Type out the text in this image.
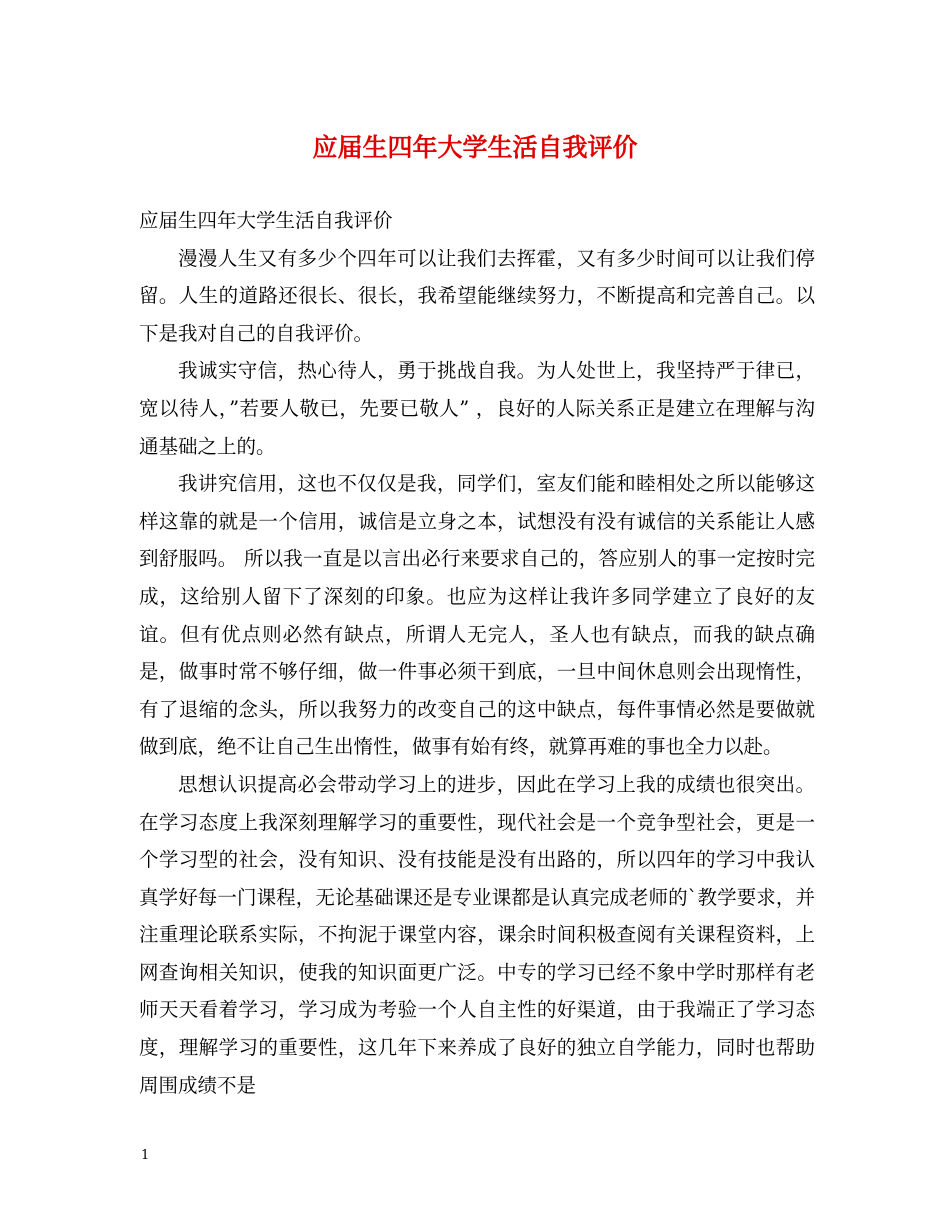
应届生四年大学生活自我评价

应届生四年大学生活自我评价

漫漫人生又有多少个四年可以让我们去挥霍，又有多少时间可以让我们停留。人生的道路还很长、很长，我希望能继续努力，不断提高和完善自己。以下是我对自己的自我评价。

我诚实守信，热心待人，勇于挑战自我。为人处世上，我坚持严于律已，宽以待人，”若要人敬已，先要已敬人” ，良好的人际关系正是建立在理解与沟通基础之上的。

我讲究信用，这也不仅仅是我，同学们，室友们能和睦相处之所以能够这样这靠的就是一个信用，诚信是立身之本，试想没有没有诚信的关系能让人感到舒服吗。 所以我一直是以言出必行来要求自己的，答应别人的事一定按时完成，这给别人留下了深刻的印象。也应为这样让我许多同学建立了良好的友谊。但有优点则必然有缺点，所谓人无完人，圣人也有缺点，而我的缺点确是，做事时常不够仔细，做一件事必须干到底，一旦中间休息则会出现惰性，有了退缩的念头，所以我努力的改变自己的这中缺点，每件事情必然是要做就做到底，绝不让自己生出惰性，做事有始有终，就算再难的事也全力以赴。

思想认识提高必会带动学习上的进步，因此在学习上我的成绩也很突出。在学习态度上我深刻理解学习的重要性，现代社会是一个竞争型社会，更是一个学习型的社会，没有知识、没有技能是没有出路的，所以四年的学习中我认真学好每一门课程，无论基础课还是专业课都是认真完成老师的`教学要求，并注重理论联系实际，不拘泥于课堂内容，课余时间积极查阅有关课程资料，上网查询相关知识，使我的知识面更广泛。中专的学习已经不象中学时那样有老师天天看着学习，学习成为考验一个人自主性的好渠道，由于我端正了学习态度，理解学习的重要性，这几年下来养成了良好的独立自学能力，同时也帮助周围成绩不是

1
